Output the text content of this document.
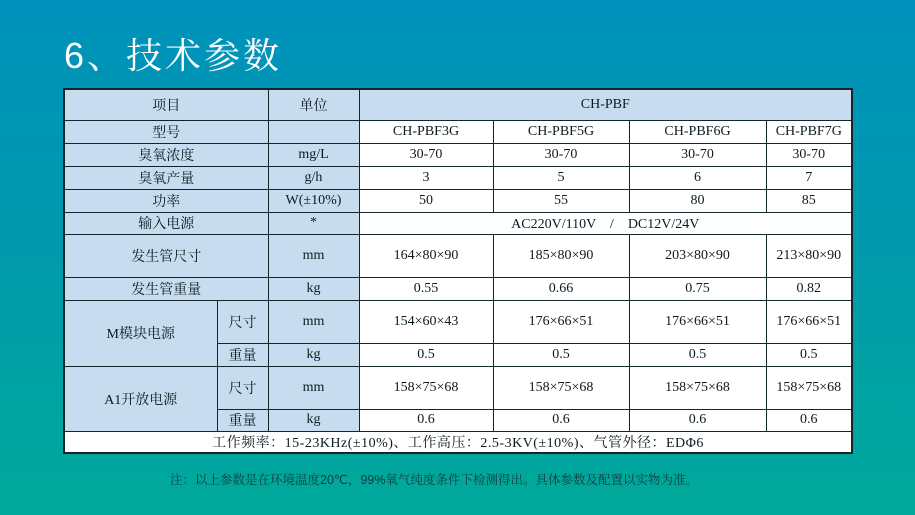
6、技术参数
项目		单位	CH-PBF			
型号			CH-PBF3G	CH-PBF5G	CH-PBF6G	CH-PBF7G
臭氧浓度		mg/L	30-70	30-70	30-70	30-70
臭氧产量		g/h	3	5	6	7
功率		W(±10%)	50	55	80	85
输入电源		*	AC220V/110V　/　DC12V/24V			
发生管尺寸		mm	164×80×90	185×80×90	203×80×90	213×80×90
发生管重量		kg	0.55	0.66	0.75	0.82
M模块电源	尺寸	mm	154×60×43	176×66×51	176×66×51	176×66×51
	重量	kg	0.5	0.5	0.5	0.5
A1开放电源	尺寸	mm	158×75×68	158×75×68	158×75×68	158×75×68
	重量	kg	0.6	0.6	0.6	0.6
工作频率：15-23KHz(±10%)、工作高压：2.5-3KV(±10%)、气管外径：EDΦ6						

注：以上参数是在环境温度20℃，99%氧气纯度条件下检测得出。具体参数及配置以实物为准。
